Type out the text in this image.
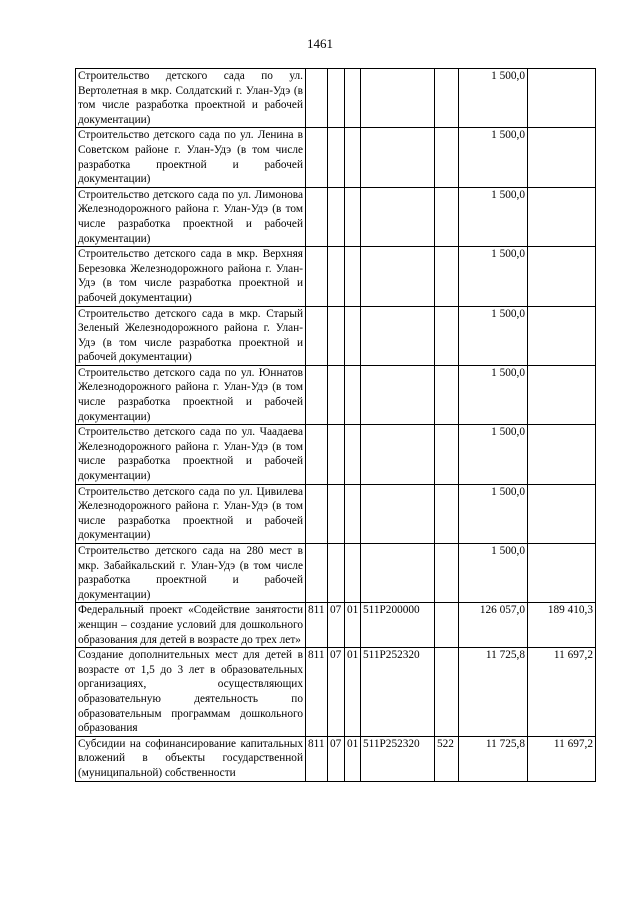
1461
Строительство детского сада по ул. Вертолетная в мкр. Солдатский г. Улан-Удэ (в том числе разработка проектной и рабочей документации)						1 500,0	
Строительство детского сада по ул. Ленина в Советском районе г. Улан-Удэ (в том числе разработка проектной и рабочей документации)						1 500,0	
Строительство детского сада по ул. Лимонова Железнодорожного района г. Улан-Удэ (в том числе разработка проектной и рабочей документации)						1 500,0	
Строительство детского сада в мкр. Верхняя Березовка Железнодорожного района г. Улан-Удэ (в том числе разработка проектной и рабочей документации)						1 500,0	
Строительство детского сада в мкр. Старый Зеленый Железнодорожного района г. Улан-Удэ (в том числе разработка проектной и рабочей документации)						1 500,0	
Строительство детского сада по ул. Юннатов Железнодорожного района г. Улан-Удэ (в том числе разработка проектной и рабочей документации)						1 500,0	
Строительство детского сада по ул. Чаадаева Железнодорожного района г. Улан-Удэ (в том числе разработка проектной и рабочей документации)						1 500,0	
Строительство детского сада по ул. Цивилева Железнодорожного района г. Улан-Удэ (в том числе разработка проектной и рабочей документации)						1 500,0	
Строительство детского сада на 280 мест в мкр. Забайкальский г. Улан-Удэ (в том числе разработка проектной и рабочей документации)						1 500,0	
Федеральный проект «Содействие занятости женщин – создание условий для дошкольного образования для детей в возрасте до трех лет»	811	07	01	511P200000		126 057,0	189 410,3
Создание дополнительных мест для детей в возрасте от 1,5 до 3 лет в образовательных организациях, осуществляющих образовательную деятельность по образовательным программам дошкольного образования	811	07	01	511P252320		11 725,8	11 697,2
Субсидии на софинансирование капитальных вложений в объекты государственной (муниципальной) собственности	811	07	01	511P252320	522	11 725,8	11 697,2
